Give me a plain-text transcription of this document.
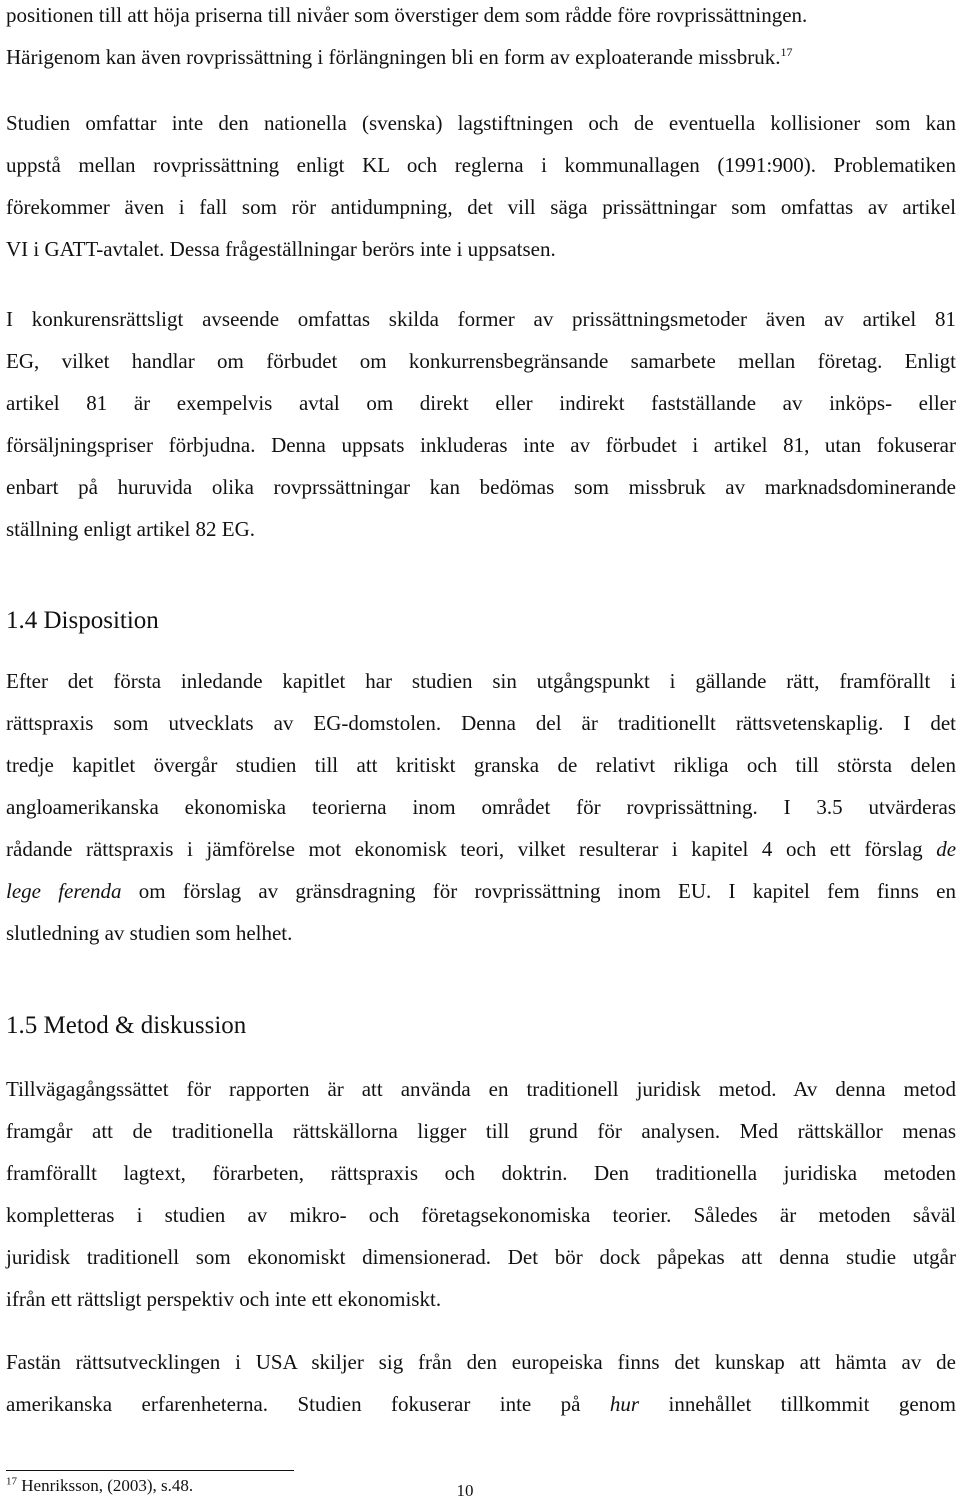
positionen till att höja priserna till nivåer som överstiger dem som rådde före rovprissättningen.
Härigenom kan även rovprissättning i förlängningen bli en form av exploaterande missbruk.$^{17}$

Studien omfattar inte den nationella (svenska) lagstiftningen och de eventuella kollisioner som kan
uppstå mellan rovprissättning enligt KL och reglerna i kommunallagen (1991:900). Problematiken
förekommer även i fall som rör antidumpning, det vill säga prissättningar som omfattas av artikel
VI i GATT-avtalet. Dessa frågeställningar berörs inte i uppsatsen.

I konkurensrättsligt avseende omfattas skilda former av prissättningsmetoder även av artikel 81
EG, vilket handlar om förbudet om konkurrensbegränsande samarbete mellan företag. Enligt
artikel 81 är exempelvis avtal om direkt eller indirekt fastställande av inköps- eller
försäljningspriser förbjudna. Denna uppsats inkluderas inte av förbudet i artikel 81, utan fokuserar
enbart på huruvida olika rovprssättningar kan bedömas som missbruk av marknadsdominerande
ställning enligt artikel 82 EG.

1.4 Disposition

Efter det första inledande kapitlet har studien sin utgångspunkt i gällande rätt, framförallt i
rättspraxis som utvecklats av EG-domstolen. Denna del är traditionellt rättsvetenskaplig. I det
tredje kapitlet övergår studien till att kritiskt granska de relativt rikliga och till största delen
angloamerikanska ekonomiska teorierna inom området för rovprissättning. I 3.5 utvärderas
rådande rättspraxis i jämförelse mot ekonomisk teori, vilket resulterar i kapitel 4 och ett förslag de
lege ferenda om förslag av gränsdragning för rovprissättning inom EU. I kapitel fem finns en
slutledning av studien som helhet.

1.5 Metod & diskussion

Tillvägagångssättet för rapporten är att använda en traditionell juridisk metod. Av denna metod
framgår att de traditionella rättskällorna ligger till grund för analysen. Med rättskällor menas
framförallt lagtext, förarbeten, rättspraxis och doktrin. Den traditionella juridiska metoden
kompletteras i studien av mikro- och företagsekonomiska teorier. Således är metoden såväl
juridisk traditionell som ekonomiskt dimensionerad. Det bör dock påpekas att denna studie utgår
ifrån ett rättsligt perspektiv och inte ett ekonomiskt.

Fastän rättsutvecklingen i USA skiljer sig från den europeiska finns det kunskap att hämta av de
amerikanska erfarenheterna. Studien fokuserar inte på hur innehållet tillkommit genom

$^{17}$ Henriksson, (2003), s.48.	10
